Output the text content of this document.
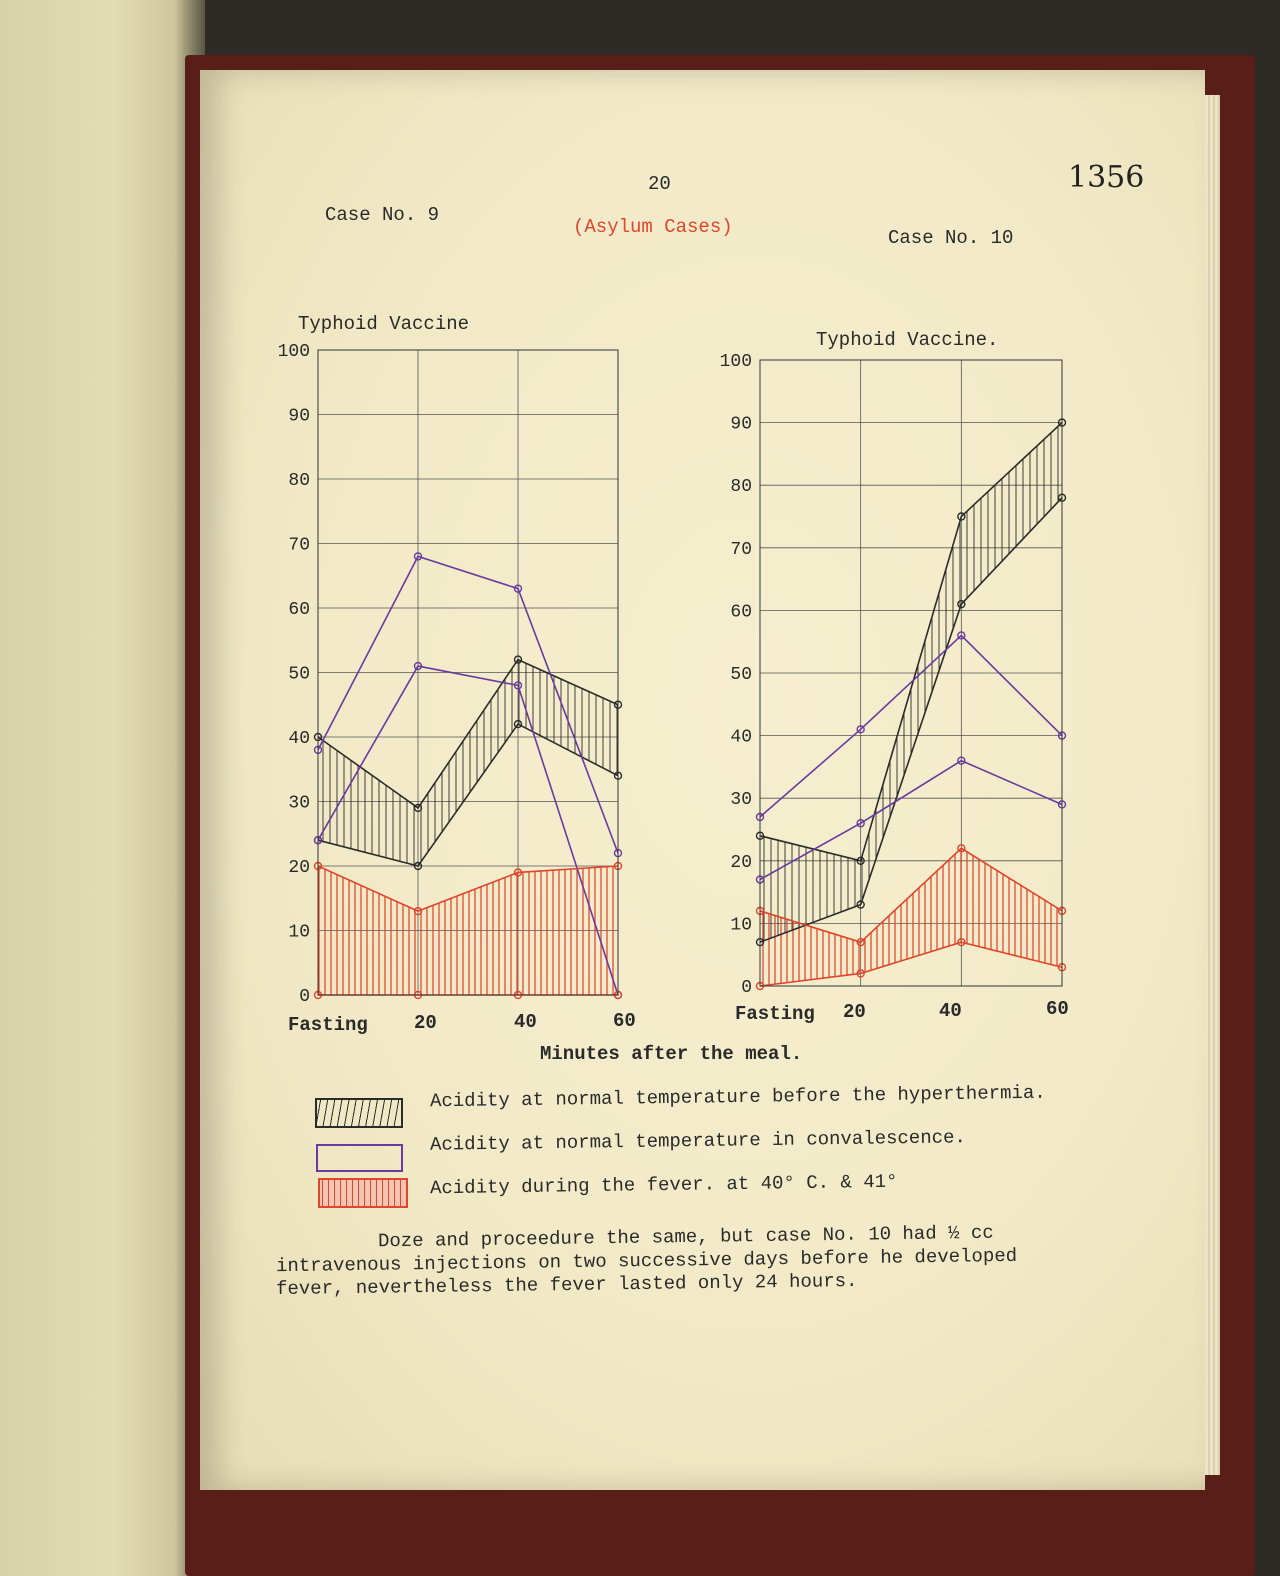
20	1356
Case No. 9
(Asylum Cases)	Case No. 10
Typhoid Vaccine
Typhoid Vaccine.
0
10
20
30
40
50
60
70
80
90
100
0
10
20
30
40
50
60
70
80
90
100
Fasting 20	40	60	Fasting 20	40	60
Minutes after the meal.
Acidity at normal temperature before the hyperthermia.
Acidity at normal temperature in convalescence.
Acidity during the fever. at 40° C. & 41°
Doze and proceedure the same, but case No. 10 had ½ cc
intravenous injections on two successive days before he developed
fever, nevertheless the fever lasted only 24 hours.
